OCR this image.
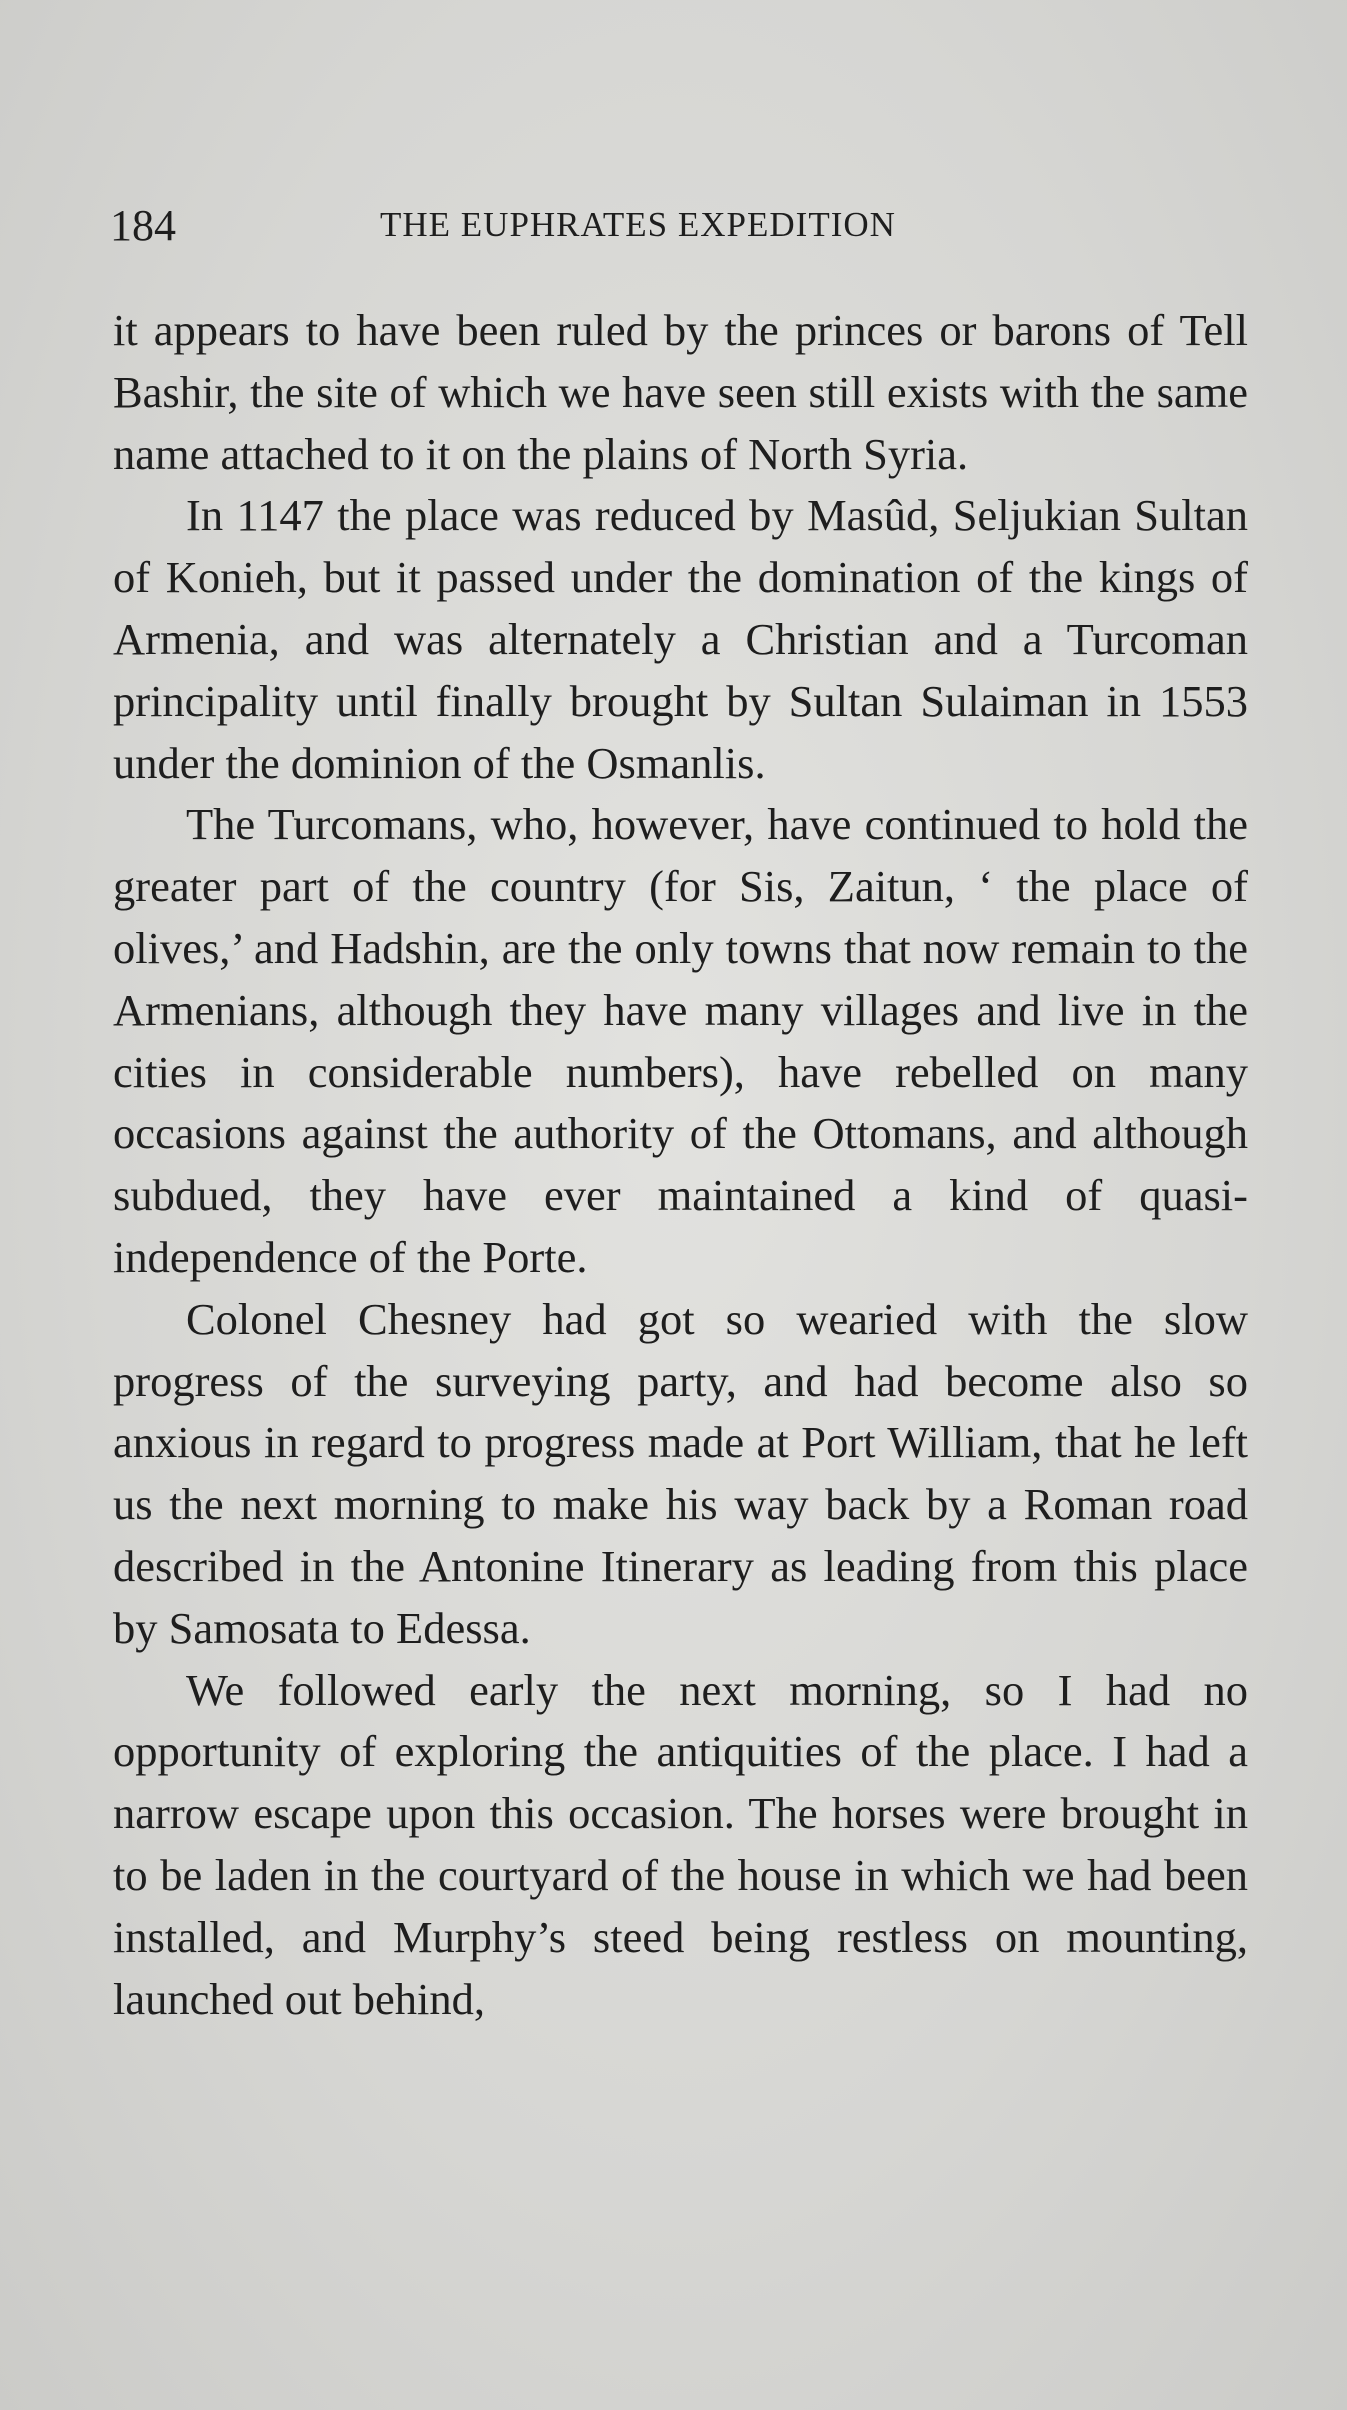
184	THE EUPHRATES EXPEDITION

it appears to have been ruled by the princes or barons of Tell Bashir, the site of which we have seen still exists with the same name attached to it on the plains of North Syria.

In 1147 the place was reduced by Masûd, Seljukian Sultan of Konieh, but it passed under the domination of the kings of Armenia, and was alternately a Christian and a Turcoman principality until finally brought by Sultan Sulaiman in 1553 under the dominion of the Osmanlis.

The Turcomans, who, however, have continued to hold the greater part of the country (for Sis, Zaitun, ‘ the place of olives,’ and Hadshin, are the only towns that now remain to the Armenians, although they have many villages and live in the cities in considerable numbers), have rebelled on many occasions against the authority of the Ottomans, and although subdued, they have ever maintained a kind of quasi-independence of the Porte.

Colonel Chesney had got so wearied with the slow progress of the surveying party, and had become also so anxious in regard to progress made at Port William, that he left us the next morning to make his way back by a Roman road described in the Antonine Itinerary as leading from this place by Samosata to Edessa.

We followed early the next morning, so I had no opportunity of exploring the antiquities of the place. I had a narrow escape upon this occasion. The horses were brought in to be laden in the courtyard of the house in which we had been installed, and Murphy’s steed being restless on mounting, launched out behind,
